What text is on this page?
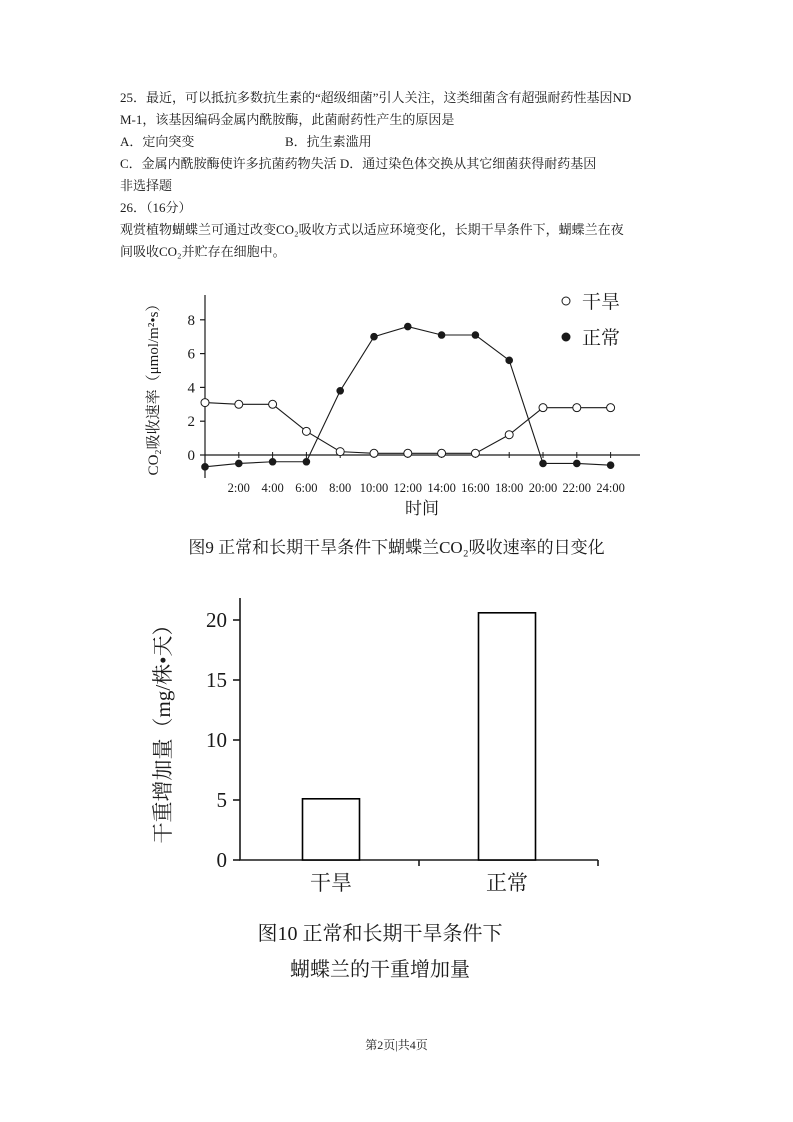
25．最近，可以抵抗多数抗生素的“超级细菌”引人关注，这类细菌含有超强耐药性基因ND
M-1，该基因编码金属内酰胺酶，此菌耐药性产生的原因是
A．定向突变	B．抗生素滥用
C．金属内酰胺酶使许多抗菌药物失活 D．通过染色体交换从其它细菌获得耐药基因
非选择题
26．（16分）
观赏植物蝴蝶兰可通过改变CO₂吸收方式以适应环境变化，长期干旱条件下，蝴蝶兰在夜
间吸收CO₂并贮存在细胞中。
0
2
4
6
8
2:00 4:00 6:00 8:00 10:00 12:00 14:00 16:00 18:00 20:00 22:00 24:00
干旱
正常
时间
CO₂吸收速率（μmol/m²•s）
图9 正常和长期干旱条件下蝴蝶兰CO₂吸收速率的日变化
0
5
10
15
20
干旱	正常
干重增加量（mg/株•天）
图10 正常和长期干旱条件下
蝴蝶兰的干重增加量
第2页|共4页
